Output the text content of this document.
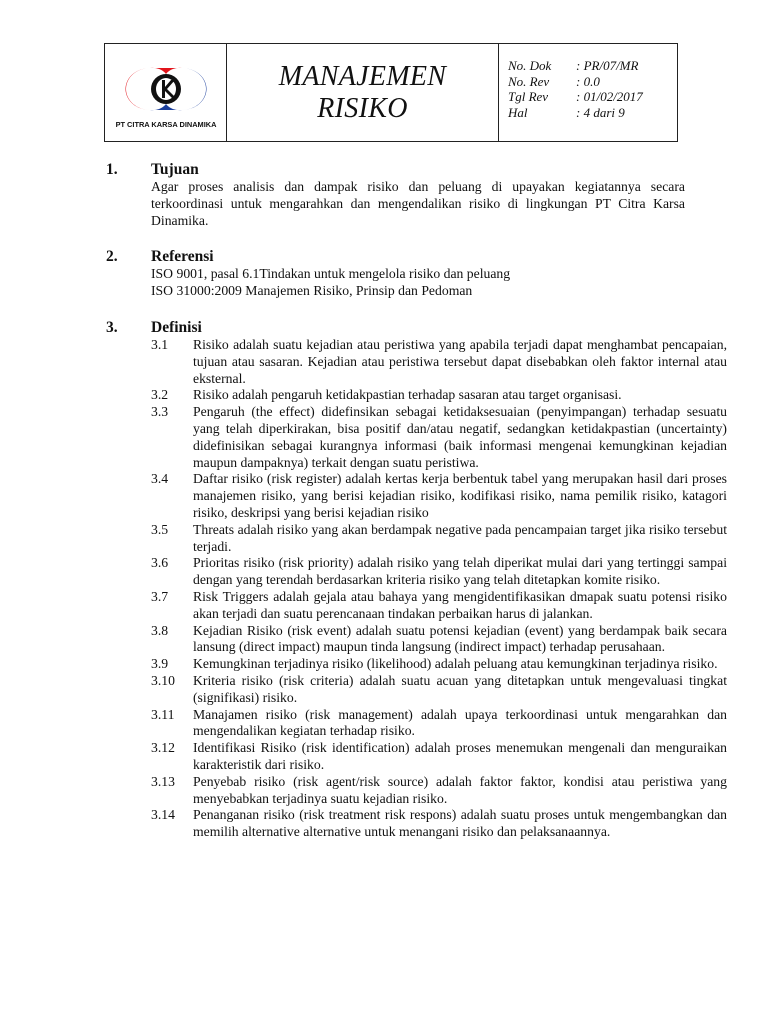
PT CITRA KARSA DINAMIKA
MANAJEMEN
RISIKO
No. Dok	: PR/07/MR
No. Rev	: 0.0
Tgl Rev	: 01/02/2017
Hal	: 4 dari 9
1. Tujuan
Agar proses analisis dan dampak risiko dan peluang di upayakan kegiatannya secara terkoordinasi untuk mengarahkan dan mengendalikan risiko di lingkungan PT Citra Karsa Dinamika.
2. Referensi
ISO 9001, pasal 6.1Tindakan untuk mengelola risiko dan peluang
ISO 31000:2009 Manajemen Risiko, Prinsip dan Pedoman
3. Definisi
3.1	Risiko adalah suatu kejadian atau peristiwa yang apabila terjadi dapat menghambat pencapaian, tujuan atau sasaran. Kejadian atau peristiwa tersebut dapat disebabkan oleh faktor internal atau eksternal.
3.2	Risiko adalah pengaruh ketidakpastian terhadap sasaran atau target organisasi.
3.3	Pengaruh (the effect) didefinsikan sebagai ketidaksesuaian (penyimpangan) terhadap sesuatu yang telah diperkirakan, bisa positif dan/atau negatif, sedangkan ketidakpastian (uncertainty) didefinisikan sebagai kurangnya informasi (baik informasi mengenai kemungkinan kejadian maupun dampaknya) terkait dengan suatu peristiwa.
3.4	Daftar risiko (risk register) adalah kertas kerja berbentuk tabel yang merupakan hasil dari proses manajemen risiko, yang berisi kejadian risiko, kodifikasi risiko, nama pemilik risiko, katagori risiko, deskripsi yang berisi kejadian risiko
3.5	Threats adalah risiko yang akan berdampak negative pada pencampaian target jika risiko tersebut terjadi.
3.6	Prioritas risiko (risk priority) adalah risiko yang telah diperikat mulai dari yang tertinggi sampai dengan yang terendah berdasarkan kriteria risiko yang telah ditetapkan komite risiko.
3.7	Risk Triggers adalah gejala atau bahaya yang mengidentifikasikan dmapak suatu potensi risiko akan terjadi dan suatu perencanaan tindakan perbaikan harus di jalankan.
3.8	Kejadian Risiko (risk event) adalah suatu potensi kejadian (event) yang berdampak baik secara lansung (direct impact) maupun tinda langsung (indirect impact) terhadap perusahaan.
3.9	Kemungkinan terjadinya risiko (likelihood) adalah peluang atau kemungkinan terjadinya risiko.
3.10	Kriteria risiko (risk criteria) adalah suatu acuan yang ditetapkan untuk mengevaluasi tingkat (signifikasi) risiko.
3.11	Manajamen risiko (risk management) adalah upaya terkoordinasi untuk mengarahkan dan mengendalikan kegiatan terhadap risiko.
3.12	Identifikasi Risiko (risk identification) adalah proses menemukan mengenali dan menguraikan karakteristik dari risiko.
3.13	Penyebab risiko (risk agent/risk source) adalah faktor faktor, kondisi atau peristiwa yang menyebabkan terjadinya suatu kejadian risiko.
3.14	Penanganan risiko (risk treatment risk respons) adalah suatu proses untuk mengembangkan dan memilih alternative alternative untuk menangani risiko dan pelaksanaannya.
